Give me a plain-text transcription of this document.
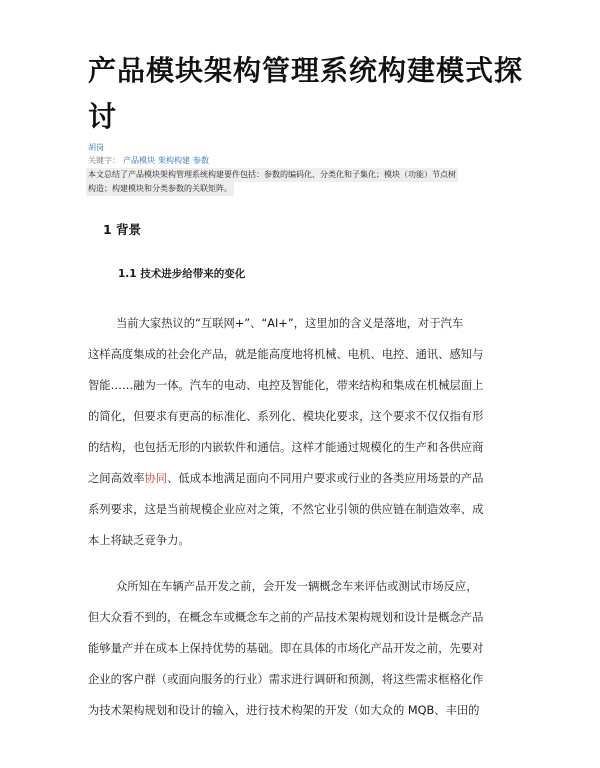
产品模块架构管理系统构建模式探
讨
胡岗
关键字： 产品模块 架构构建 参数
本文总结了产品模块架构管理系统构建要件包括：参数的编码化、分类化和子集化；模块（功能）节点树
构造；构建模块和分类参数的关联矩阵。
1 背景
1.1 技术进步给带来的变化
当前大家热议的“互联网+”、“AI+”，这里加的含义是落地，对于汽车
这样高度集成的社会化产品，就是能高度地将机械、电机、电控、通讯、感知与
智能……融为一体。汽车的电动、电控及智能化，带来结构和集成在机械层面上
的简化，但要求有更高的标准化、系列化、模块化要求，这个要求不仅仅指有形
的结构，也包括无形的内嵌软件和通信。这样才能通过规模化的生产和各供应商
之间高效率协同、低成本地满足面向不同用户要求或行业的各类应用场景的产品
系列要求，这是当前规模企业应对之策，不然它业引领的供应链在制造效率、成
本上将缺乏竞争力。
众所知在车辆产品开发之前，会开发一辆概念车来评估或测试市场反应，
但大众看不到的，在概念车或概念车之前的产品技术架构规划和设计是概念产品
能够量产并在成本上保持优势的基础。即在具体的市场化产品开发之前，先要对
企业的客户群（或面向服务的行业）需求进行调研和预测，将这些需求框格化作
为技术架构规划和设计的输入，进行技术构架的开发（如大众的 MQB、丰田的
